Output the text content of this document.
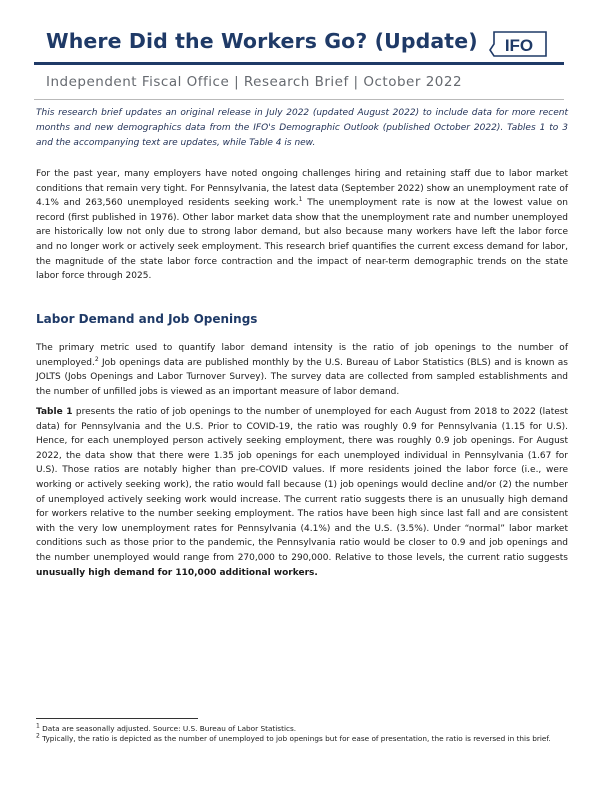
Where Did the Workers Go? (Update) IFO
Independent Fiscal Office | Research Brief | October 2022

This research brief updates an original release in July 2022 (updated August 2022) to include data for more recent months and new demographics data from the IFO's Demographic Outlook (published October 2022). Tables 1 to 3 and the accompanying text are updates, while Table 4 is new.

For the past year, many employers have noted ongoing challenges hiring and retaining staff due to labor market conditions that remain very tight. For Pennsylvania, the latest data (September 2022) show an unemployment rate of 4.1% and 263,560 unemployed residents seeking work.$^1$ The unemployment rate is now at the lowest value on record (first published in 1976). Other labor market data show that the unemployment rate and number unemployed are historically low not only due to strong labor demand, but also because many workers have left the labor force and no longer work or actively seek employment. This research brief quantifies the current excess demand for labor, the magnitude of the state labor force contraction and the impact of near-term demographic trends on the state labor force through 2025.

Labor Demand and Job Openings

The primary metric used to quantify labor demand intensity is the ratio of job openings to the number of unemployed.$^2$ Job openings data are published monthly by the U.S. Bureau of Labor Statistics (BLS) and is known as JOLTS (Jobs Openings and Labor Turnover Survey). The survey data are collected from sampled establishments and the number of unfilled jobs is viewed as an important measure of labor demand.

Table 1 presents the ratio of job openings to the number of unemployed for each August from 2018 to 2022 (latest data) for Pennsylvania and the U.S. Prior to COVID-19, the ratio was roughly 0.9 for Pennsylvania (1.15 for U.S). Hence, for each unemployed person actively seeking employment, there was roughly 0.9 job openings. For August 2022, the data show that there were 1.35 job openings for each unemployed individual in Pennsylvania (1.67 for U.S). Those ratios are notably higher than pre-COVID values. If more residents joined the labor force (i.e., were working or actively seeking work), the ratio would fall because (1) job openings would decline and/or (2) the number of unemployed actively seeking work would increase. The current ratio suggests there is an unusually high demand for workers relative to the number seeking employment. The ratios have been high since last fall and are consistent with the very low unemployment rates for Pennsylvania (4.1%) and the U.S. (3.5%). Under “normal” labor market conditions such as those prior to the pandemic, the Pennsylvania ratio would be closer to 0.9 and job openings and the number unemployed would range from 270,000 to 290,000. Relative to those levels, the current ratio suggests unusually high demand for 110,000 additional workers.

$^1$ Data are seasonally adjusted. Source: U.S. Bureau of Labor Statistics.
$^2$ Typically, the ratio is depicted as the number of unemployed to job openings but for ease of presentation, the ratio is reversed in this brief.
